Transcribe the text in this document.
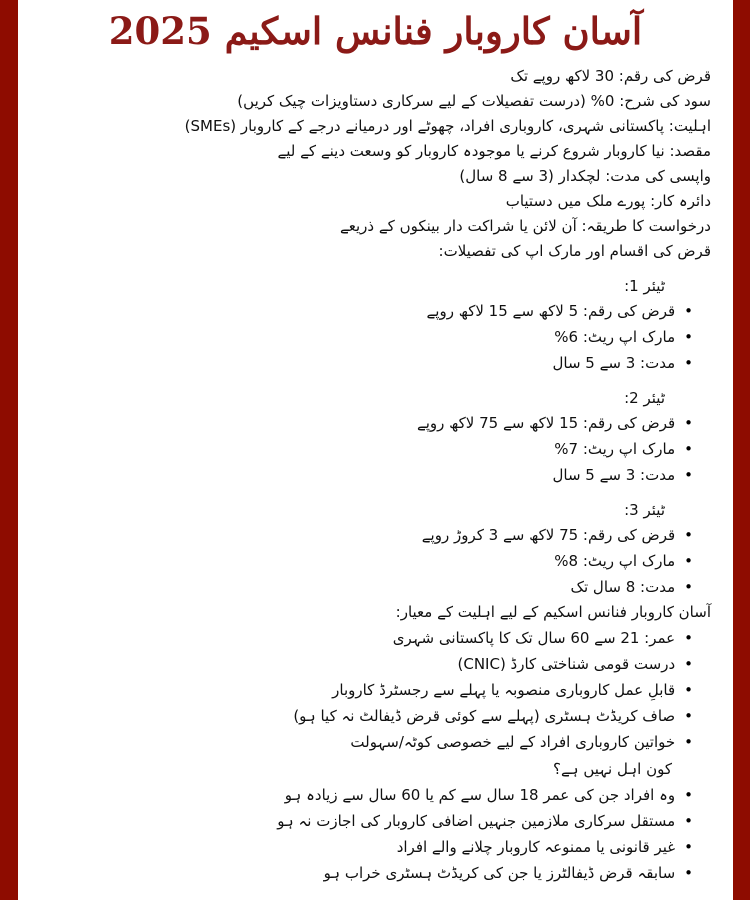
آسان کاروبار فنانس اسکیم 2025

قرض کی رقم: 30 لاکھ روپے تک

سود کی شرح: 0% (درست تفصیلات کے لیے سرکاری دستاویزات چیک کریں)

اہلیت: پاکستانی شہری، کاروباری افراد، چھوٹے اور درمیانے درجے کے کاروبار (SMEs)

مقصد: نیا کاروبار شروع کرنے یا موجودہ کاروبار کو وسعت دینے کے لیے

واپسی کی مدت: لچکدار (3 سے 8 سال)

دائرہ کار: پورے ملک میں دستیاب

درخواست کا طریقہ: آن لائن یا شراکت دار بینکوں کے ذریعے

قرض کی اقسام اور مارک اپ کی تفصیلات:

ٹیئر 1:

•
قرض کی رقم: 5 لاکھ سے 15 لاکھ روپے
•
مارک اپ ریٹ: 6%
•
مدت: 3 سے 5 سال

ٹیئر 2:

•
قرض کی رقم: 15 لاکھ سے 75 لاکھ روپے
•
مارک اپ ریٹ: 7%
•
مدت: 3 سے 5 سال

ٹیئر 3:

•
قرض کی رقم: 75 لاکھ سے 3 کروڑ روپے
•
مارک اپ ریٹ: 8%
•
مدت: 8 سال تک

آسان کاروبار فنانس اسکیم کے لیے اہلیت کے معیار:

•
عمر: 21 سے 60 سال تک کا پاکستانی شہری
•
درست قومی شناختی کارڈ (CNIC)
•
قابلِ عمل کاروباری منصوبہ یا پہلے سے رجسٹرڈ کاروبار
•
صاف کریڈٹ ہسٹری (پہلے سے کوئی قرض ڈیفالٹ نہ کیا ہو)
•
خواتین کاروباری افراد کے لیے خصوصی کوٹہ/سہولت

کون اہل نہیں ہے؟

•
وہ افراد جن کی عمر 18 سال سے کم یا 60 سال سے زیادہ ہو
•
مستقل سرکاری ملازمین جنہیں اضافی کاروبار کی اجازت نہ ہو
•
غیر قانونی یا ممنوعہ کاروبار چلانے والے افراد
•
سابقہ قرض ڈیفالٹرز یا جن کی کریڈٹ ہسٹری خراب ہو
